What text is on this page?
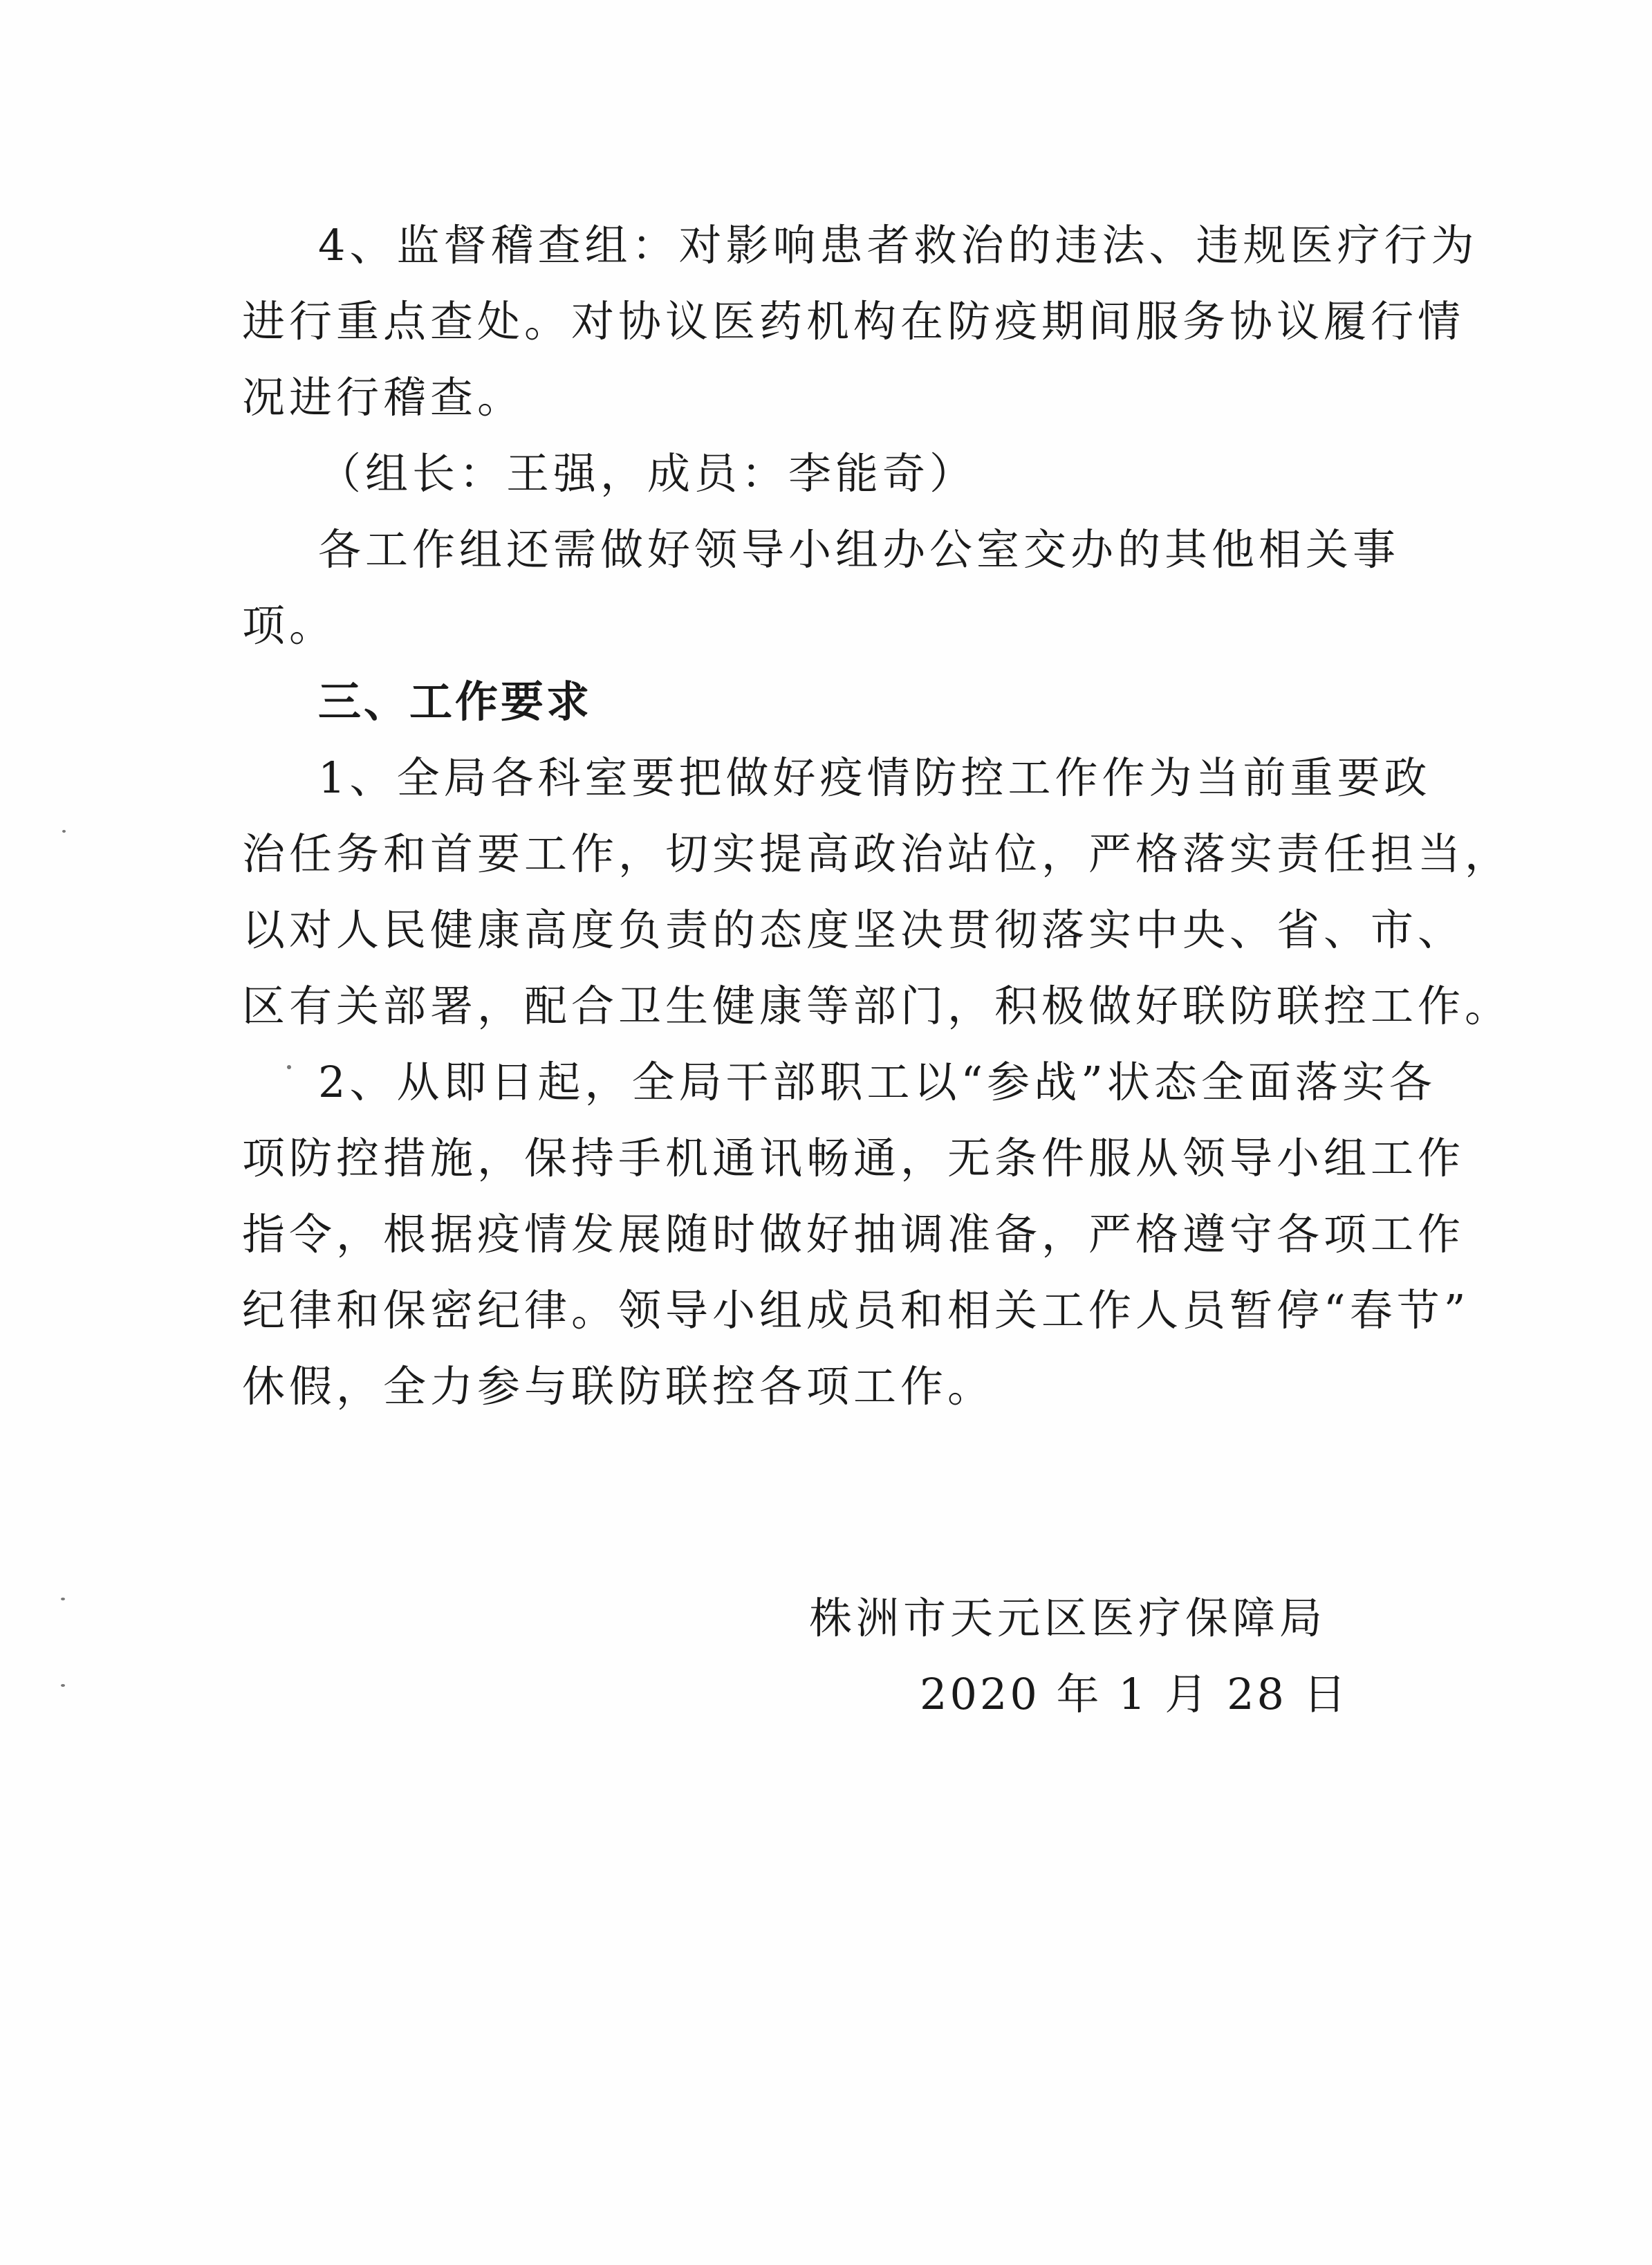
4、监督稽查组：对影响患者救治的违法、违规医疗行为
进行重点查处。对协议医药机构在防疫期间服务协议履行情
况进行稽查。
（组长：王强，成员：李能奇）
各工作组还需做好领导小组办公室交办的其他相关事
项。
三、工作要求
1、全局各科室要把做好疫情防控工作作为当前重要政
治任务和首要工作，切实提高政治站位，严格落实责任担当，
以对人民健康高度负责的态度坚决贯彻落实中央、省、市、
区有关部署，配合卫生健康等部门，积极做好联防联控工作。
2、从即日起，全局干部职工以“参战”状态全面落实各
项防控措施，保持手机通讯畅通，无条件服从领导小组工作
指令，根据疫情发展随时做好抽调准备，严格遵守各项工作
纪律和保密纪律。领导小组成员和相关工作人员暂停“春节”
休假，全力参与联防联控各项工作。
株洲市天元区医疗保障局
2020 年 1 月 28 日
